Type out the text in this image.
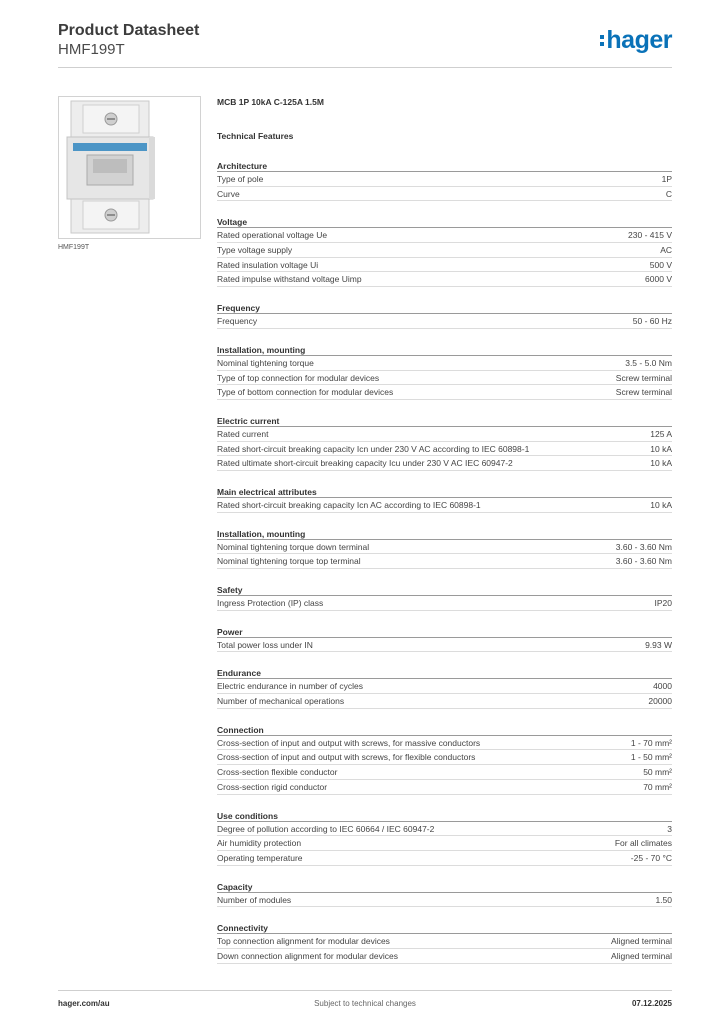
Product Datasheet
HMF199T	hager
HMF199T
MCB 1P 10kA C-125A 1.5M
Technical Features
Architecture
Type of pole	1P
Curve	C
Voltage
Rated operational voltage Ue	230 - 415 V
Type voltage supply	AC
Rated insulation voltage Ui	500 V
Rated impulse withstand voltage Uimp	6000 V
Frequency
Frequency	50 - 60 Hz
Installation, mounting
Nominal tightening torque	3.5 - 5.0 Nm
Type of top connection for modular devices	Screw terminal
Type of bottom connection for modular devices	Screw terminal
Electric current
Rated current	125 A
Rated short-circuit breaking capacity Icn under 230 V AC according to IEC 60898-1	10 kA
Rated ultimate short-circuit breaking capacity Icu under 230 V AC IEC 60947-2	10 kA
Main electrical attributes
Rated short-circuit breaking capacity Icn AC according to IEC 60898-1	10 kA
Installation, mounting
Nominal tightening torque down terminal	3.60 - 3.60 Nm
Nominal tightening torque top terminal	3.60 - 3.60 Nm
Safety
Ingress Protection (IP) class	IP20
Power
Total power loss under IN	9.93 W
Endurance
Electric endurance in number of cycles	4000
Number of mechanical operations	20000
Connection
Cross-section of input and output with screws, for massive conductors	1 - 70 mm²
Cross-section of input and output with screws, for flexible conductors	1 - 50 mm²
Cross-section flexible conductor	50 mm²
Cross-section rigid conductor	70 mm²
Use conditions
Degree of pollution according to IEC 60664 / IEC 60947-2	3
Air humidity protection	For all climates
Operating temperature	-25 - 70 °C
Capacity
Number of modules	1.50
Connectivity
Top connection alignment for modular devices	Aligned terminal
Down connection alignment for modular devices	Aligned terminal
hager.com/au	Subject to technical changes	07.12.2025
